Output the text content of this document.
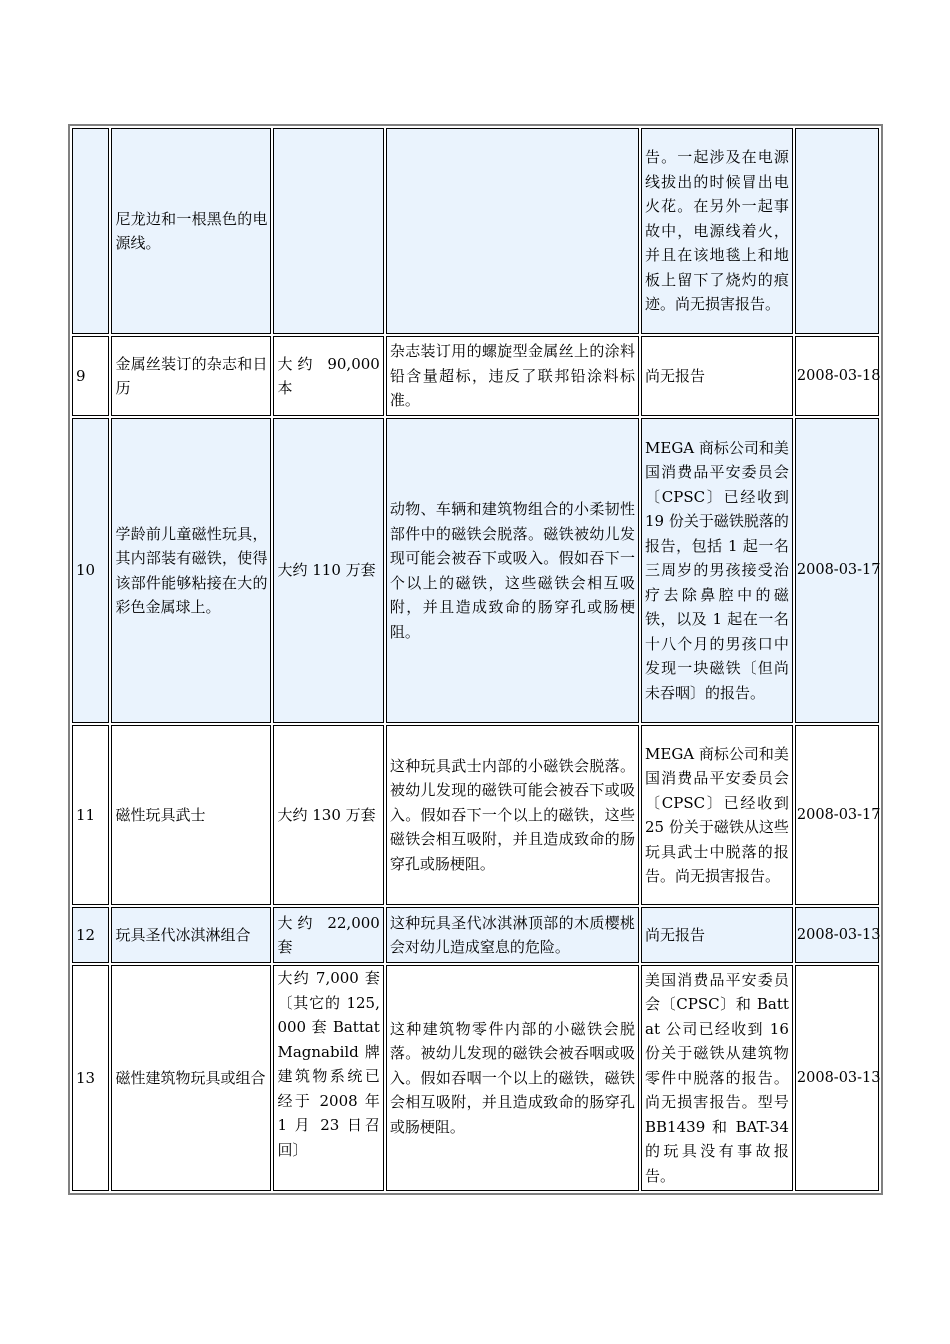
	尼龙边和一根黑色的电源线。			告。一起涉及在电源线拔出的时候冒出电火花。在另外一起事故中，电源线着火，并且在该地毯上和地板上留下了烧灼的痕迹。尚无损害报告。	
9	金属丝装订的杂志和日历	大约 90,000 本	杂志装订用的螺旋型金属丝上的涂料铅含量超标，违反了联邦铅涂料标准。	尚无报告	2008-03-18
10	学龄前儿童磁性玩具，其内部装有磁铁，使得该部件能够粘接在大的彩色金属球上。	大约 110 万套	动物、车辆和建筑物组合的小柔韧性部件中的磁铁会脱落。磁铁被幼儿发现可能会被吞下或吸入。假如吞下一个以上的磁铁，这些磁铁会相互吸附，并且造成致命的肠穿孔或肠梗阻。	MEGA 商标公司和美国消费品平安委员会〔CPSC〕已经收到 19 份关于磁铁脱落的报告，包括 1 起一名三周岁的男孩接受治疗去除鼻腔中的磁铁，以及 1 起在一名十八个月的男孩口中发现一块磁铁〔但尚未吞咽〕的报告。	2008-03-17
11	磁性玩具武士	大约 130 万套	这种玩具武士内部的小磁铁会脱落。被幼儿发现的磁铁可能会被吞下或吸入。假如吞下一个以上的磁铁，这些磁铁会相互吸附，并且造成致命的肠穿孔或肠梗阻。	MEGA 商标公司和美国消费品平安委员会〔CPSC〕已经收到 25 份关于磁铁从这些玩具武士中脱落的报告。尚无损害报告。	2008-03-17
12	玩具圣代冰淇淋组合	大约 22,000 套	这种玩具圣代冰淇淋顶部的木质樱桃会对幼儿造成窒息的危险。	尚无报告	2008-03-13
13	磁性建筑物玩具或组合	大约 7,000 套〔其它的 125,000 套 Battat Magnabild 牌建筑物系统已经于 2008 年 1 月 23 日召回〕	这种建筑物零件内部的小磁铁会脱落。被幼儿发现的磁铁会被吞咽或吸入。假如吞咽一个以上的磁铁，磁铁会相互吸附，并且造成致命的肠穿孔或肠梗阻。	美国消费品平安委员会〔CPSC〕和 Battat 公司已经收到 16 份关于磁铁从建筑物零件中脱落的报告。尚无损害报告。型号 BB1439 和 BAT-34 的玩具没有事故报告。	2008-03-13
